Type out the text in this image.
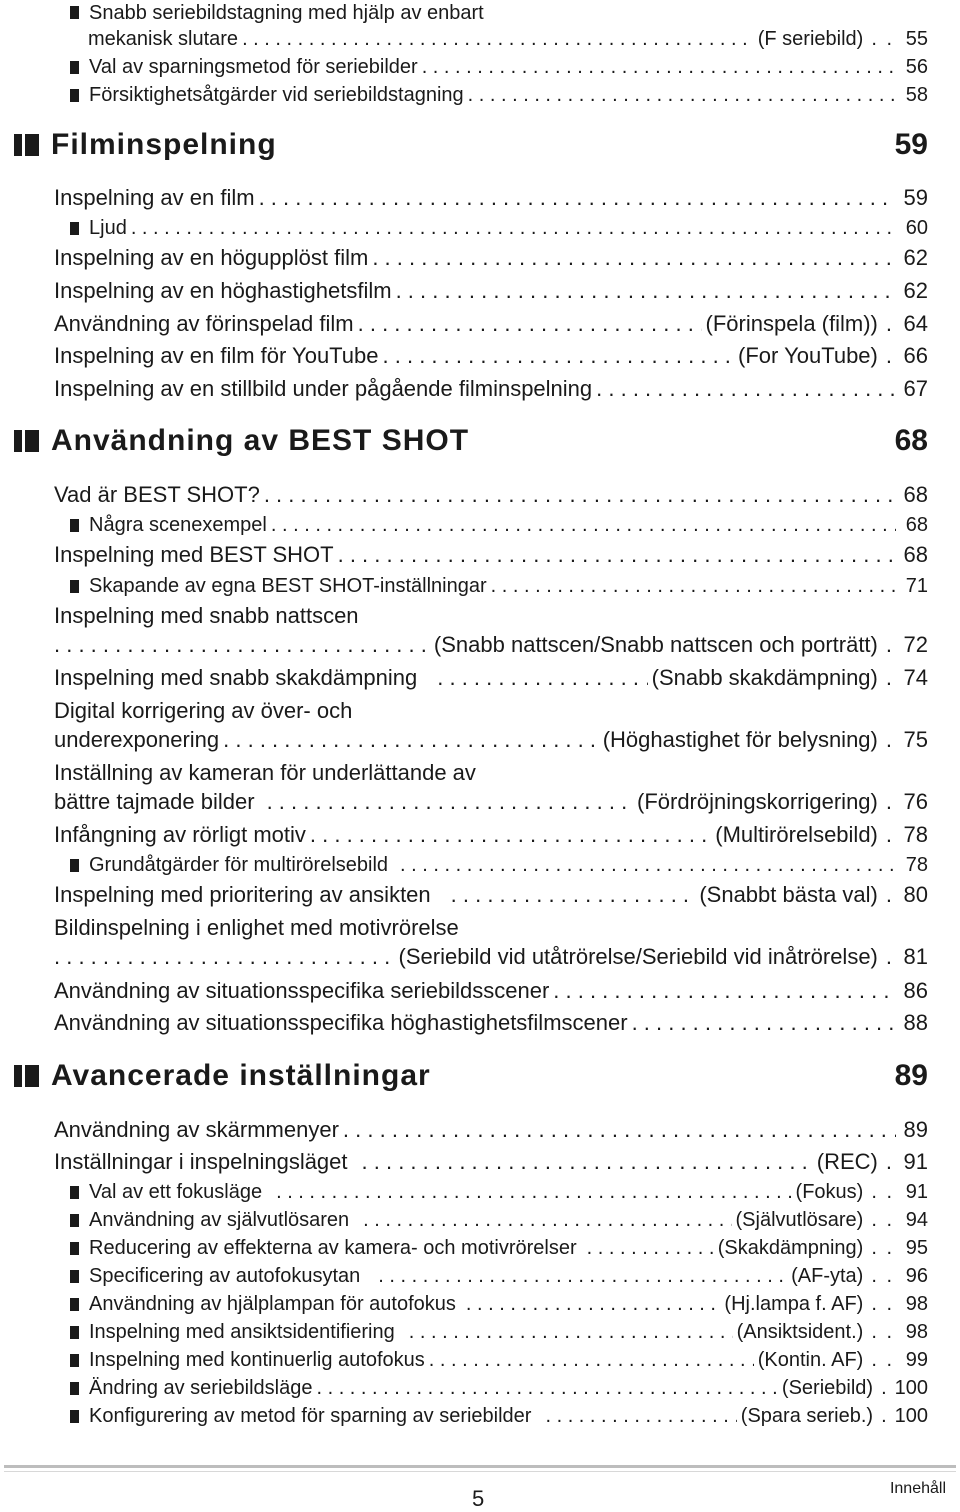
Snabb seriebildstagning med hjälp av enbart
mekanisk slutare . . .	(F seriebild) . . 55
Val av sparningsmetod för seriebilder . . .	56
Försiktighetsåtgärder vid seriebildstagning . . .	58
Filminspelning	59
Inspelning av en film . . .	59
Ljud . . .	60
Inspelning av en högupplöst film . . .	62
Inspelning av en höghastighetsfilm . . .	62
Användning av förinspelad film . . .	(Förinspela (film)) . 64
Inspelning av en film för YouTube . . .	(For YouTube) . 66
Inspelning av en stillbild under pågående filminspelning . . .	67
Användning av BEST SHOT	68
Vad är BEST SHOT? . . .	68
Några scenexempel . . .	68
Inspelning med BEST SHOT . . .	68
Skapande av egna BEST SHOT-inställningar . . .	71
Inspelning med snabb nattscen
. . .
(Snabb nattscen/Snabb nattscen och porträtt) . 72
Inspelning med snabb skakdämpning . . .	(Snabb skakdämpning) . 74
Digital korrigering av över- och
underexponering . . .	(Höghastighet för belysning) . 75
Inställning av kameran för underlättande av
bättre tajmade bilder . . .	(Fördröjningskorrigering) . 76
Infångning av rörligt motiv . . .	(Multirörelsebild) . 78
Grundåtgärder för multirörelsebild . . .	78
Inspelning med prioritering av ansikten . . .	(Snabbt bästa val) . 80
Bildinspelning i enlighet med motivrörelse
. . .
(Seriebild vid utåtrörelse/Seriebild vid inåtrörelse) . 81
Användning av situationsspecifika seriebildsscener . . .	86
Användning av situationsspecifika höghastighetsfilmscener . . .	88
Avancerade inställningar	89
Användning av skärmmenyer . . .	89
Inställningar i inspelningsläget . . .	(REC) . 91
Val av ett fokusläge . . .	(Fokus) . . 91
Användning av självutlösaren . . .	(Självutlösare) . . 94
Reducering av effekterna av kamera- och motivrörelser . . .	(Skakdämpning) . . 95
Specificering av autofokusytan . . .	(AF-yta) . . 96
Användning av hjälplampan för autofokus . . .	(Hj.lampa f. AF) . . 98
Inspelning med ansiktsidentifiering . . .	(Ansiktsident.) . . 98
Inspelning med kontinuerlig autofokus . . .	(Kontin. AF) . . 99
Ändring av seriebildsläge . . .	(Seriebild) . 100
Konfigurering av metod för sparning av seriebilder . . .	(Spara serieb.) . 100
5	Innehåll
